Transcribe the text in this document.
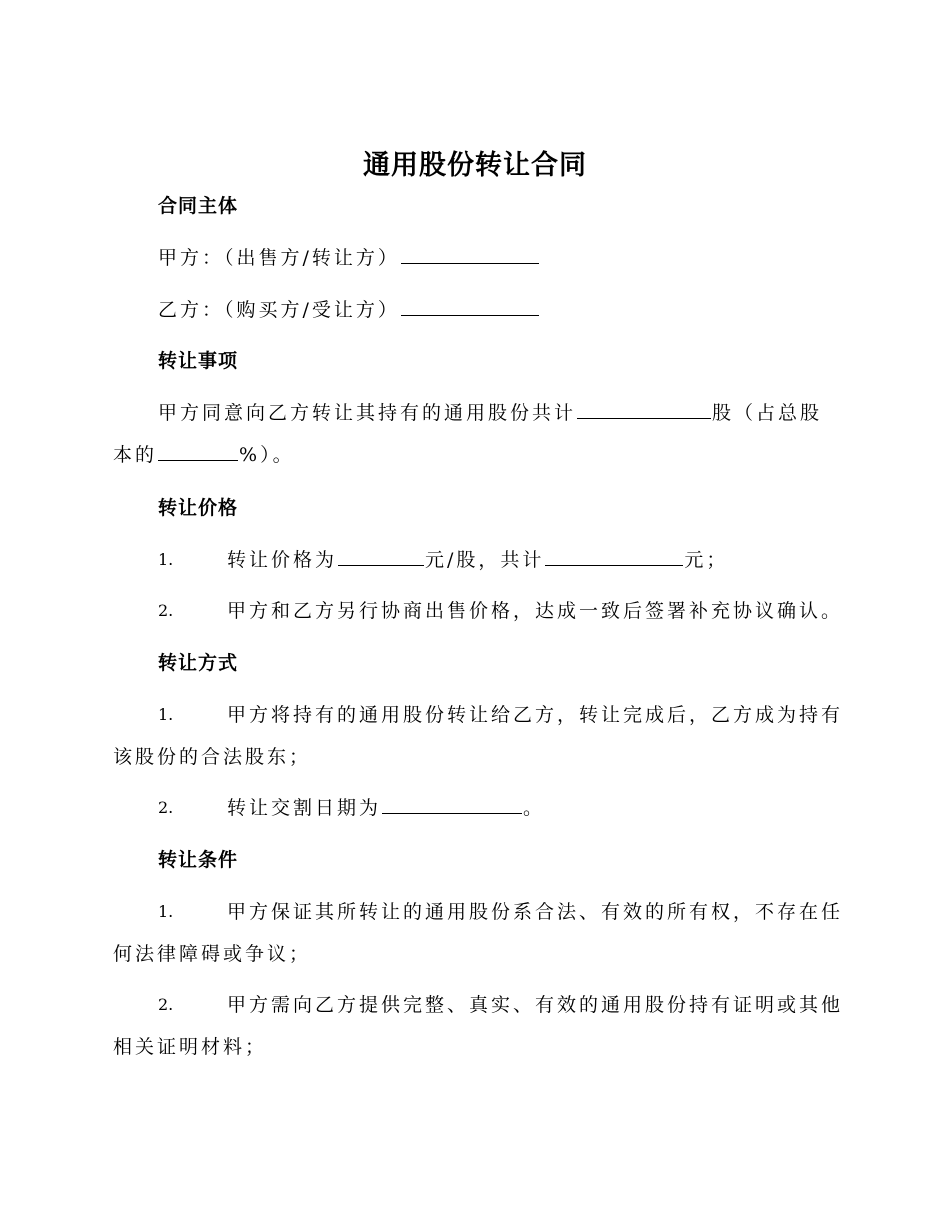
通用股份转让合同
合同主体
甲方：（出售方/转让方）
乙方：（购买方/受让方）
转让事项
甲方同意向乙方转让其持有的通用股份共计	股（占总股
本的	%）。
转让价格
1.	转让价格为	元/股，共计	元；
2.	甲方和乙方另行协商出售价格，达成一致后签署补充协议确认。
转让方式
1.	甲方将持有的通用股份转让给乙方，转让完成后，乙方成为持有
该股份的合法股东；
2.	转让交割日期为	。
转让条件
1.	甲方保证其所转让的通用股份系合法、有效的所有权，不存在任
何法律障碍或争议；
2.	甲方需向乙方提供完整、真实、有效的通用股份持有证明或其他
相关证明材料；
